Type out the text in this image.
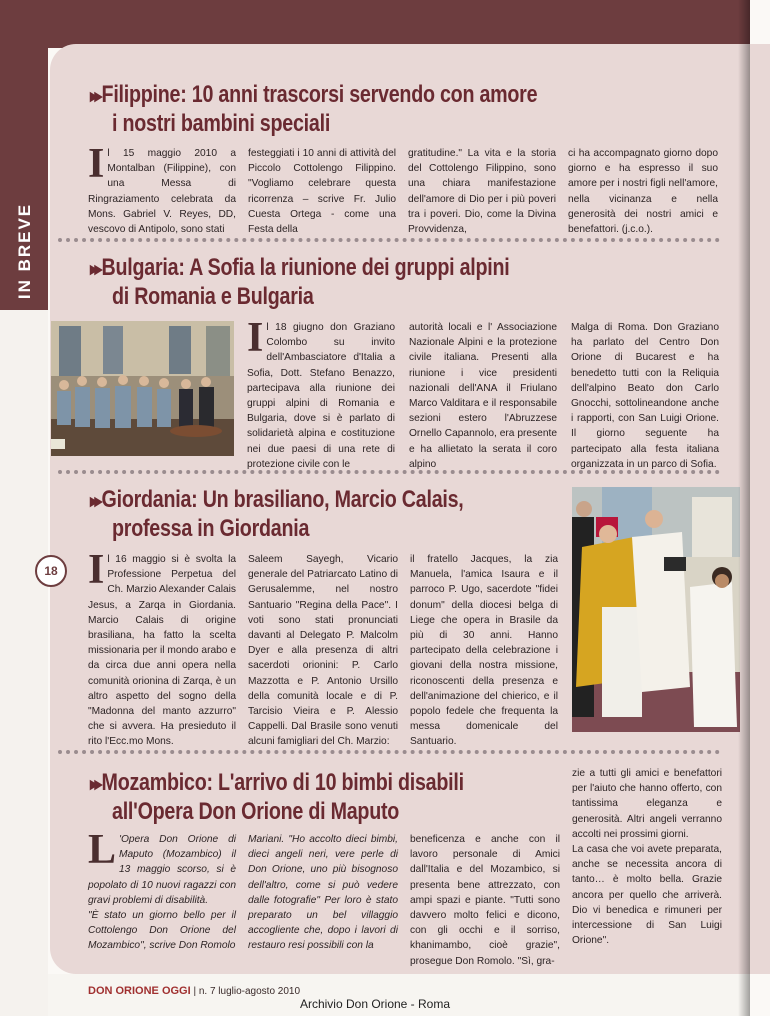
IN BREVE
18
▸▸ Filippine: 10 anni trascorsi servendo con amore
i nostri bambini speciali
Il 15 maggio 2010 a Montalban (Filippine), con una Messa di Ringraziamento celebrata da Mons. Gabriel V. Reyes, DD, vescovo di Antipolo, sono stati
festeggiati i 10 anni di attività del Piccolo Cottolengo Filippino. "Vogliamo celebrare questa ricorrenza – scrive Fr. Julio Cuesta Ortega - come una Festa della
gratitudine." La vita e la storia del Cottolengo Filippino, sono una chiara manifestazione dell'amore di Dio per i più poveri tra i poveri. Dio, come la Divina Provvidenza,
ci ha accompagnato giorno dopo giorno e ha espresso il suo amore per i nostri figli nell'amore, nella vicinanza e nella generosità dei nostri amici e benefattori. (j.c.o.).
▸▸ Bulgaria: A Sofia la riunione dei gruppi alpini
di Romania e Bulgaria
Il 18 giugno don Graziano Colombo su invito dell'Ambasciatore d'Italia a Sofia, Dott. Stefano Benazzo, partecipava alla riunione dei gruppi alpini di Romania e Bulgaria, dove si è parlato di solidarietà alpina e costituzione nei due paesi di una rete di protezione civile con le
autorità locali e l' Associazione Nazionale Alpini e la protezione civile italiana. Presenti alla riunione i vice presidenti nazionali dell'ANA il Friulano Marco Valditara e il responsabile sezioni estero l'Abruzzese Ornello Capannolo, era presente e ha allietato la serata il coro alpino
Malga di Roma. Don Graziano ha parlato del Centro Don Orione di Bucarest e ha benedetto tutti con la Reliquia dell'alpino Beato don Carlo Gnocchi, sottolineandone anche i rapporti, con San Luigi Orione. Il giorno seguente ha partecipato alla festa italiana organizzata in un parco di Sofia.
▸▸ Giordania: Un brasiliano, Marcio Calais,
professa in Giordania
Il 16 maggio si è svolta la Professione Perpetua del Ch. Marzio Alexander Calais Jesus, a Zarqa in Giordania. Marcio Calais di origine brasiliana, ha fatto la scelta missionaria per il mondo arabo e da circa due anni opera nella comunità orionina di Zarqa, è un altro aspetto del sogno della "Madonna del manto azzurro" che si avvera. Ha presieduto il rito l'Ecc.mo Mons.
Saleem Sayegh, Vicario generale del Patriarcato Latino di Gerusalemme, nel nostro Santuario "Regina della Pace". I voti sono stati pronunciati davanti al Delegato P. Malcolm Dyer e alla presenza di altri sacerdoti orionini: P. Carlo Mazzotta e P. Antonio Ursillo della comunità locale e di P. Tarcisio Vieira e P. Alessio Cappelli. Dal Brasile sono venuti alcuni famigliari del Ch. Marzio:
il fratello Jacques, la zia Manuela, l'amica Isaura e il parroco P. Ugo, sacerdote "fidei donum" della diocesi belga di Liege che opera in Brasile da più di 30 anni. Hanno partecipato della celebrazione i giovani della nostra missione, riconoscenti della presenza e dell'animazione del chierico, e il popolo fedele che frequenta la messa domenicale del Santuario.
▸▸ Mozambico: L'arrivo di 10 bimbi disabili
all'Opera Don Orione di Maputo
L 'Opera Don Orione di Maputo (Mozambico) il 13 maggio scorso, si è popolato di 10 nuovi ragazzi con gravi problemi di disabilità.
"È stato un giorno bello per il Cottolengo Don Orione del Mozambico", scrive Don Romolo
Mariani. "Ho accolto dieci bimbi, dieci angeli neri, vere perle di Don Orione, uno più bisognoso dell'altro, come si può vedere dalle fotografie" Per loro è stato preparato un bel villaggio accogliente che, dopo i lavori di restauro resi possibili con la
beneficenza e anche con il lavoro personale di Amici dall'Italia e del Mozambico, si presenta bene attrezzato, con ampi spazi e piante. "Tutti sono davvero molto felici e dicono, con gli occhi e il sorriso, khanimambo, cioè grazie", prosegue Don Romolo. "Sì, gra-
zie a tutti gli amici e benefattori per l'aiuto che hanno offerto, con tantissima eleganza e generosità. Altri angeli verranno accolti nei prossimi giorni.
La casa che voi avete preparata, anche se necessita ancora di tanto… è molto bella. Grazie ancora per quello che arriverà. Dio vi benedica e rimuneri per intercessione di San Luigi Orione".
DON ORIONE OGGI | n. 7 luglio-agosto 2010
Archivio Don Orione - Roma
